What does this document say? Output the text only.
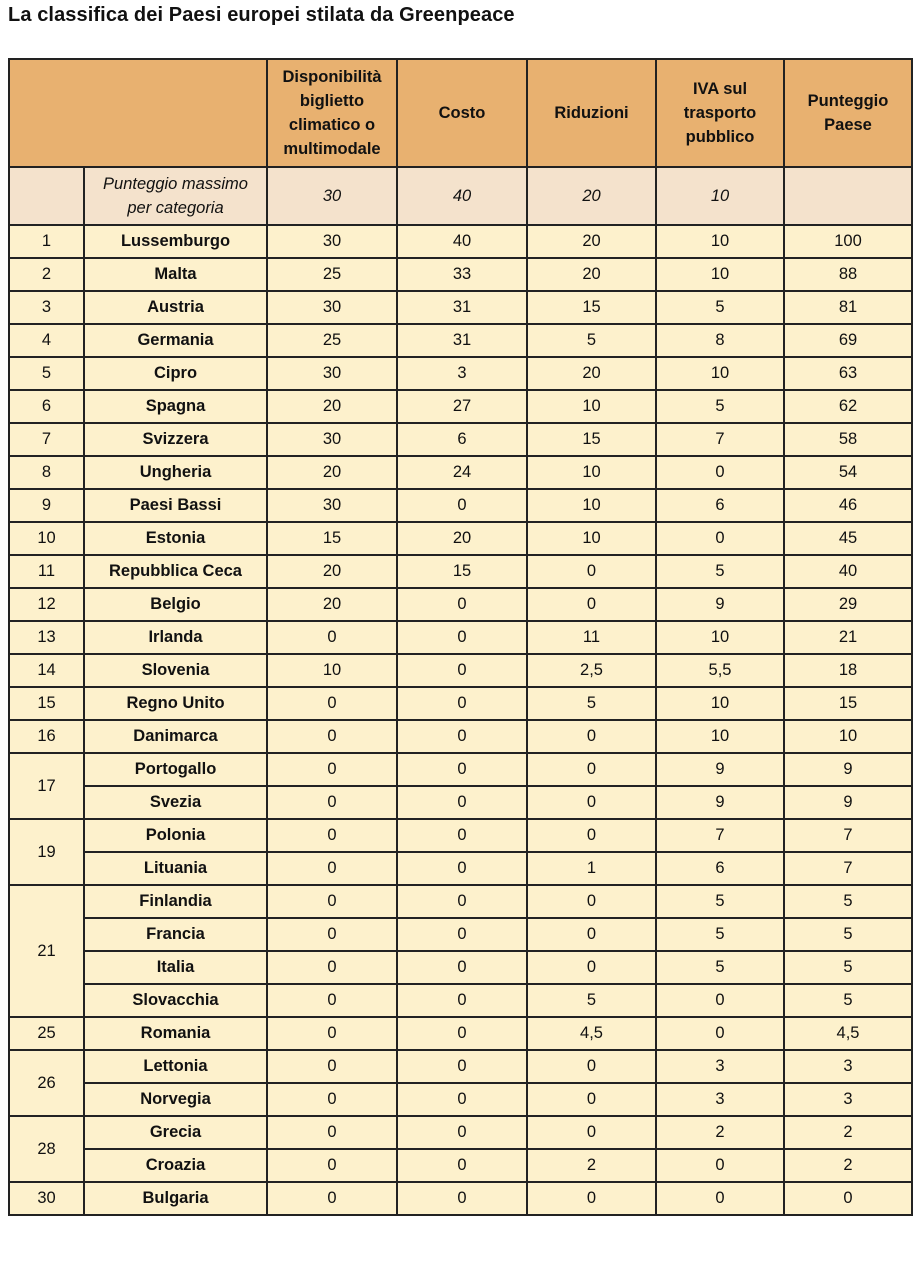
La classifica dei Paesi europei stilata da Greenpeace
		Disponibilità biglietto climatico o multimodale	Costo	Riduzioni	IVA sul trasporto pubblico	Punteggio Paese
	Punteggio massimo per categoria	30	40	20	10	
1	Lussemburgo	30	40	20	10	100
2	Malta	25	33	20	10	88
3	Austria	30	31	15	5	81
4	Germania	25	31	5	8	69
5	Cipro	30	3	20	10	63
6	Spagna	20	27	10	5	62
7	Svizzera	30	6	15	7	58
8	Ungheria	20	24	10	0	54
9	Paesi Bassi	30	0	10	6	46
10	Estonia	15	20	10	0	45
11	Repubblica Ceca	20	15	0	5	40
12	Belgio	20	0	0	9	29
13	Irlanda	0	0	11	10	21
14	Slovenia	10	0	2,5	5,5	18
15	Regno Unito	0	0	5	10	15
16	Danimarca	0	0	0	10	10
17	Portogallo	0	0	0	9	9
	Svezia	0	0	0	9	9
19	Polonia	0	0	0	7	7
	Lituania	0	0	1	6	7
21	Finlandia	0	0	0	5	5
	Francia	0	0	0	5	5
	Italia	0	0	0	5	5
	Slovacchia	0	0	5	0	5
25	Romania	0	0	4,5	0	4,5
26	Lettonia	0	0	0	3	3
	Norvegia	0	0	0	3	3
28	Grecia	0	0	0	2	2
	Croazia	0	0	2	0	2
30	Bulgaria	0	0	0	0	0
